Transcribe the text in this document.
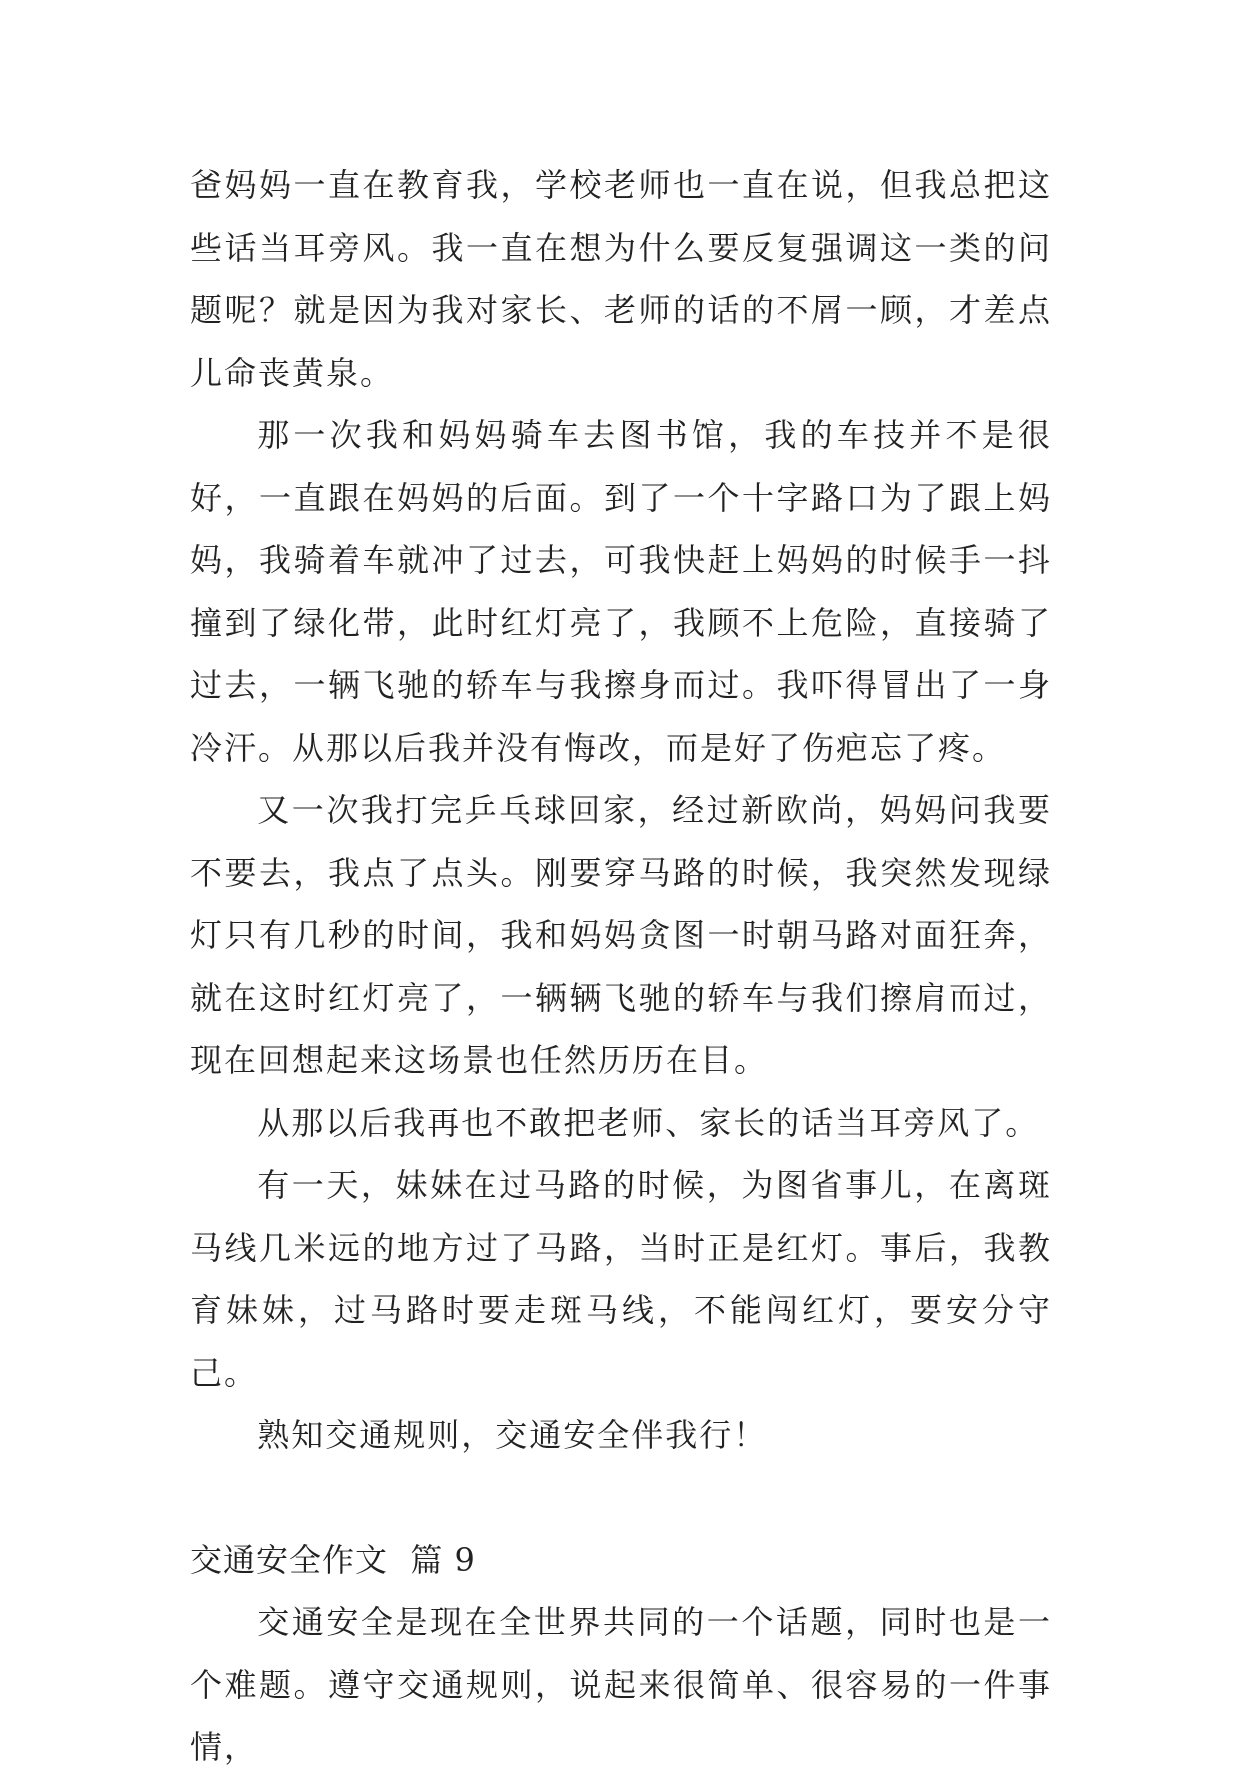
爸妈妈一直在教育我，学校老师也一直在说，但我总把这些话当耳旁风。我一直在想为什么要反复强调这一类的问题呢？就是因为我对家长、老师的话的不屑一顾，才差点儿命丧黄泉。

那一次我和妈妈骑车去图书馆，我的车技并不是很好，一直跟在妈妈的后面。到了一个十字路口为了跟上妈妈，我骑着车就冲了过去，可我快赶上妈妈的时候手一抖撞到了绿化带，此时红灯亮了，我顾不上危险，直接骑了过去，一辆飞驰的轿车与我擦身而过。我吓得冒出了一身冷汗。从那以后我并没有悔改，而是好了伤疤忘了疼。

又一次我打完乒乓球回家，经过新欧尚，妈妈问我要不要去，我点了点头。刚要穿马路的时候，我突然发现绿灯只有几秒的时间，我和妈妈贪图一时朝马路对面狂奔，就在这时红灯亮了，一辆辆飞驰的轿车与我们擦肩而过，现在回想起来这场景也任然历历在目。

从那以后我再也不敢把老师、家长的话当耳旁风了。

有一天，妹妹在过马路的时候，为图省事儿，在离斑马线几米远的地方过了马路，当时正是红灯。事后，我教育妹妹，过马路时要走斑马线，不能闯红灯，要安分守己。

熟知交通规则，交通安全伴我行！

交通安全作文  篇 9

交通安全是现在全世界共同的一个话题，同时也是一个难题。遵守交通规则，说起来很简单、很容易的一件事情，
